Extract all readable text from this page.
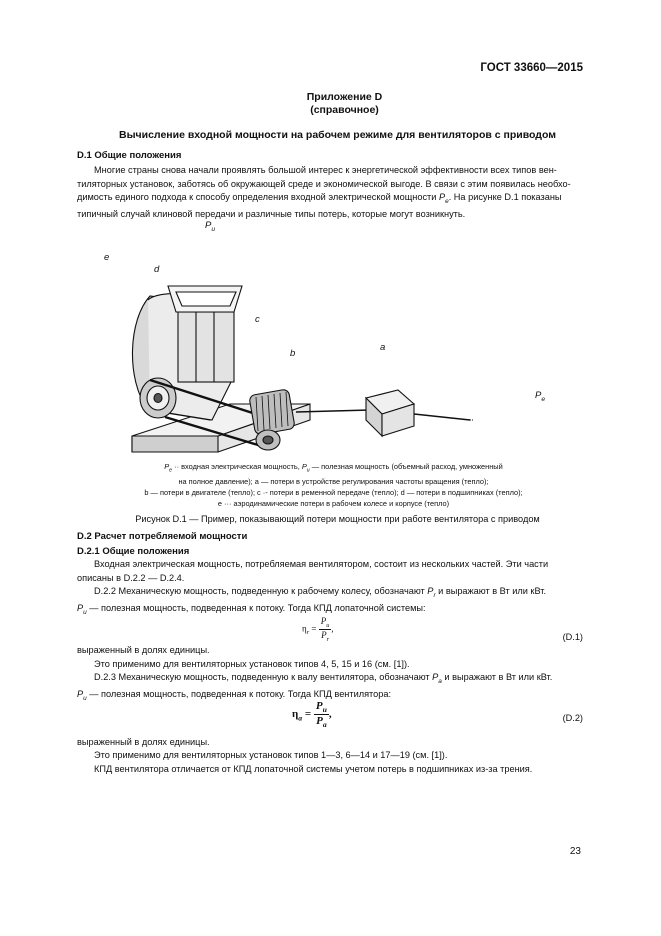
ГОСТ 33660—2015
Приложение D
(справочное)
Вычисление входной мощности на рабочем режиме для вентиляторов с приводом
D.1 Общие положения
Многие страны снова начали проявлять большой интерес к энергетической эффективности всех типов вен-
тиляторных установок, заботясь об окружающей среде и экономической выгоде. В связи с этим появилась необхо-
димость единого подхода к способу определения входной электрической мощности $P_e$. На рисунке D.1 показаны
типичный случай клиновой передачи и различные типы потерь, которые могут возникнуть.
$P_u$
e
d
c
b
a
$P_e$
$P_e$ ·· входная электрическая мощность, $P_u$ — полезная мощность (объемный расход, умноженный
на полное давление); a — потери в устройстве регулирования частоты вращения (тепло);
b — потери в двигателе (тепло); c ·- потери в ременной передаче (тепло); d — потери в подшипниках (тепло);
e ··· аэродинамические потери в рабочем колесе и корпусе (тепло)
Рисунок D.1 — Пример, показывающий потери мощности при работе вентилятора с приводом
D.2 Расчет потребляемой мощности
D.2.1 Общие положения
Входная электрическая мощность, потребляемая вентилятором, состоит из нескольких частей. Эти части
описаны в D.2.2 — D.2.4.
D.2.2 Механическую мощность, подведенную к рабочему колесу, обозначают $P_r$ и выражают в Вт или кВт.
$P_u$ — полезная мощность, подведенная к потоку. Тогда КПД лопаточной системы:
$\eta_r = \frac{P_u}{P_r}$ ,
(D.1)
выраженный в долях единицы.
Это применимо для вентиляторных установок типов 4, 5, 15 и 16 (см. [1]).
D.2.3 Механическую мощность, подведенную к валу вентилятора, обозначают $P_a$ и выражают в Вт или кВт.
$P_u$ — полезная мощность, подведенная к потоку. Тогда КПД вентилятора:
$\eta_a = \frac{P_u}{P_a}$ ,	(D.2)
выраженный в долях единицы.
Это применимо для вентиляторных установок типов 1—3, 6—14 и 17—19 (см. [1]).
КПД вентилятора отличается от КПД лопаточной системы учетом потерь в подшипниках из-за трения.
23
